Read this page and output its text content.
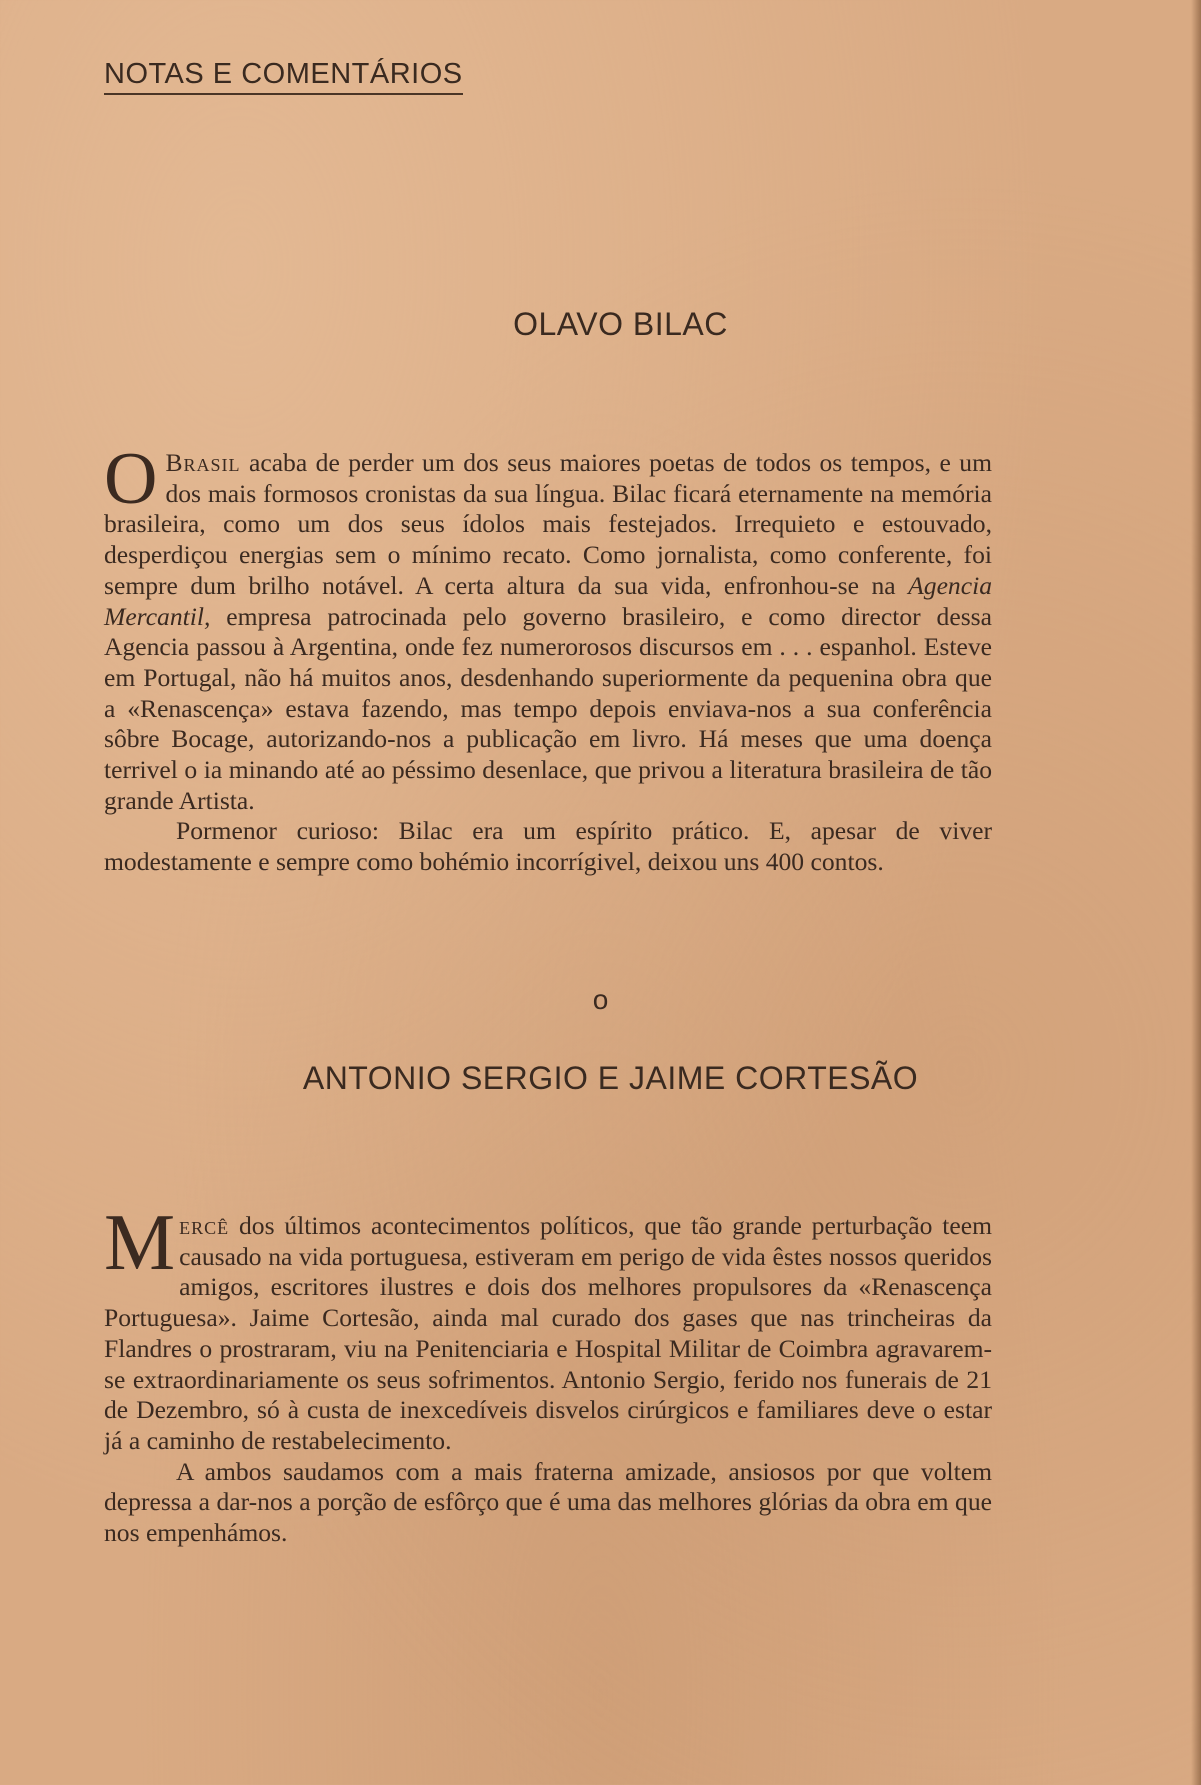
NOTAS E COMENTÁRIOS
OLAVO BILAC

O Brasil acaba de perder um dos seus maiores poetas de todos os tempos, e um dos mais formosos cronistas da sua língua. Bilac ficará eternamente na memória brasileira, como um dos seus ídolos mais festejados. Irrequieto e estouvado, desperdiçou energias sem o mínimo recato. Como jornalista, como conferente, foi sempre dum brilho notável. A certa altura da sua vida, enfronhou-se na Agencia Mercantil, empresa patrocinada pelo governo brasileiro, e como director dessa Agencia passou à Argentina, onde fez numerorosos discursos em . . . espanhol. Esteve em Portugal, não há muitos anos, desdenhando superiormente da pequenina obra que a «Renascença» estava fazendo, mas tempo depois enviava-nos a sua conferência sôbre Bocage, autorizando-nos a publicação em livro. Há meses que uma doença terrivel o ia minando até ao péssimo desenlace, que privou a literatura brasileira de tão grande Artista.

Pormenor curioso: Bilac era um espírito prático. E, apesar de viver modestamente e sempre como bohémio incorrígivel, deixou uns 400 contos.

o
ANTONIO SERGIO E JAIME CORTESÃO

Mercê dos últimos acontecimentos políticos, que tão grande perturbação teem causado na vida portuguesa, estiveram em perigo de vida êstes nossos queridos amigos, escritores ilustres e dois dos melhores propulsores da «Renascença Portuguesa». Jaime Cortesão, ainda mal curado dos gases que nas trincheiras da Flandres o prostraram, viu na Penitenciaria e Hospital Militar de Coimbra agravarem-se extraordinariamente os seus sofrimentos. Antonio Sergio, ferido nos funerais de 21 de Dezembro, só à custa de inexcedíveis disvelos cirúrgicos e familiares deve o estar já a caminho de restabelecimento.

A ambos saudamos com a mais fraterna amizade, ansiosos por que voltem depressa a dar-nos a porção de esfôrço que é uma das melhores glórias da obra em que nos empenhámos.
